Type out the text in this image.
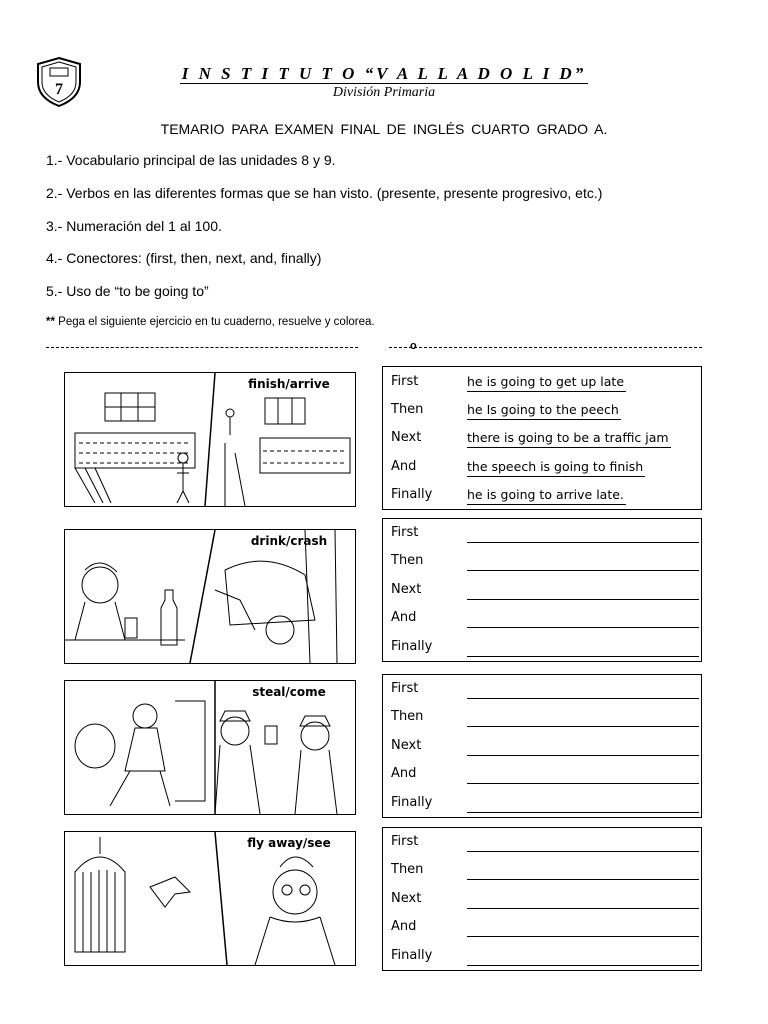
7
I N S T I T U T O “V A L L A D O L I D”
División Primaria
TEMARIO PARA EXAMEN FINAL DE INGLÉS CUARTO GRADO A.
1.- Vocabulario principal de las unidades 8 y 9.
2.- Verbos en las diferentes formas que se han visto. (presente, presente progresivo, etc.)
3.- Numeración del 1 al 100.
4.- Conectores: (first, then, next, and, finally)
5.- Uso de “to be going to”
** Pega el siguiente ejercicio en tu cuaderno, resuelve y colorea.
o
finish/arrive	First	he is going to get up late
Then	he Is going to the peech
Next	there is going to be a traffic jam
And	the speech is going to finish
Finally	he is going to arrive late.
drink/crash
First
Then
Next
And
Finally
steal/come	First
Then
Next
And
Finally
fly away/see	First
Then
Next
And
Finally
